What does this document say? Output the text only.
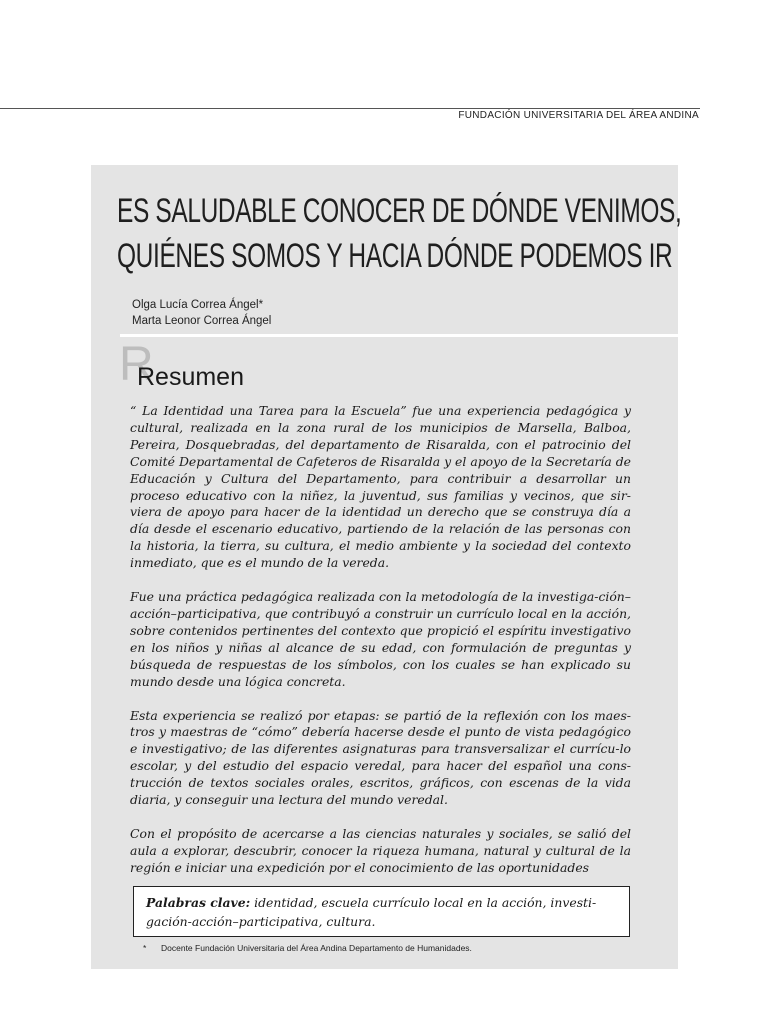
FUNDACIÓN UNIVERSITARIA DEL ÁREA ANDINA
ES SALUDABLE CONOCER DE DÓNDE VENIMOS,
QUIÉNES SOMOS Y HACIA DÓNDE PODEMOS IR
Olga Lucía Correa Ángel*
Marta Leonor Correa Ángel
R
Resumen

“ La Identidad una Tarea para la Escuela” fue una experiencia pedagógica y cultural, realizada en la zona rural de los municipios de Marsella, Balboa, Pereira, Dosquebradas, del departamento de Risaralda, con el patrocinio del Comité Departamental de Cafeteros de Risaralda y el apoyo de la Secretaría de Educación y Cultura del Departamento, para contribuir a desarrollar un proceso educativo con la niñez, la juventud, sus familias y vecinos, que sir-viera de apoyo para hacer de la identidad un derecho que se construya día a día desde el escenario educativo, partiendo de la relación de las personas con la historia, la tierra, su cultura, el medio ambiente y la sociedad del contexto inmediato, que es el mundo de la vereda.

Fue una práctica pedagógica realizada con la metodología de la investiga-ción–acción–participativa, que contribuyó a construir un currículo local en la acción, sobre contenidos pertinentes del contexto que propició el espíritu investigativo en los niños y niñas al alcance de su edad, con formulación de preguntas y búsqueda de respuestas de los símbolos, con los cuales se han explicado su mundo desde una lógica concreta.

Esta experiencia se realizó por etapas: se partió de la reflexión con los maes-tros y maestras de “cómo” debería hacerse desde el punto de vista pedagógico e investigativo; de las diferentes asignaturas para transversalizar el currícu-lo escolar, y del estudio del espacio veredal, para hacer del español una cons-trucción de textos sociales orales, escritos, gráficos, con escenas de la vida diaria, y conseguir una lectura del mundo veredal.

Con el propósito de acercarse a las ciencias naturales y sociales, se salió del aula a explorar, descubrir, conocer la riqueza humana, natural y cultural de la región e iniciar una expedición por el conocimiento de las oportunidades

Palabras clave: identidad, escuela currículo local en la acción, investi-gación-acción–participativa, cultura.
* Docente Fundación Universitaria del Área Andina Departamento de Humanidades.
